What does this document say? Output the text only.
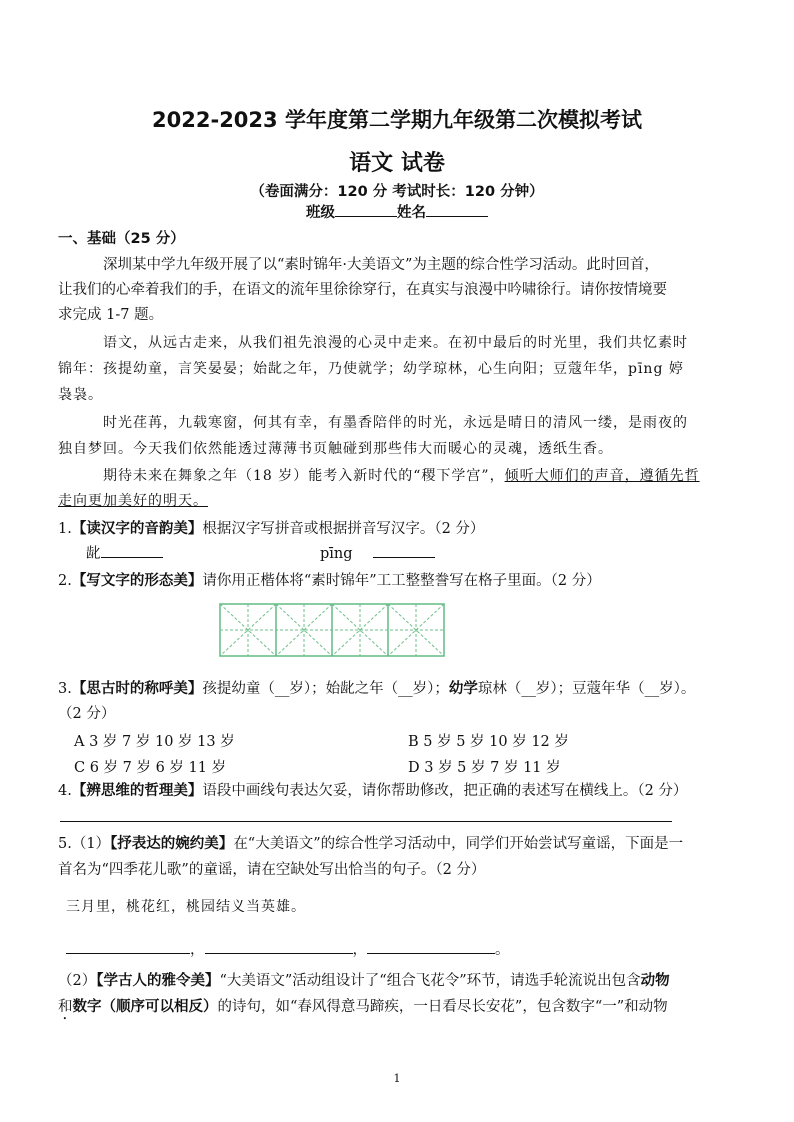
2022-2023 学年度第二学期九年级第二次模拟考试
语文 试卷
（卷面满分：120 分 考试时长：120 分钟）
班级	姓名
一、基础（25 分）
深圳某中学九年级开展了以“素时锦年·大美语文”为主题的综合性学习活动。此时回首，
让我们的心牵着我们的手，在语文的流年里徐徐穿行，在真实与浪漫中吟啸徐行。请你按情境要
求完成 1-7 题。
语文，从远古走来，从我们祖先浪漫的心灵中走来。在初中最后的时光里，我们共忆素时
锦年：孩提幼童，言笑晏晏；始龀之年，乃使就学；幼学琼林，心生向阳；豆蔻年华，pīng 婷
袅袅。
时光荏苒，九载寒窗，何其有幸，有墨香陪伴的时光，永远是晴日的清风一缕，是雨夜的
独自梦回。今天我们依然能透过薄薄书页触碰到那些伟大而暖心的灵魂，透纸生香。
期待未来在舞象之年（18 岁）能考入新时代的“稷下学宫”，倾听大师们的声音，遵循先哲
走向更加美好的明天。
1.【读汉字的音韵美】根据汉字写拼音或根据拼音写汉字。（2 分）
龀	pīng
2.【写文字的形态美】请你用正楷体将“素时锦年”工工整整誊写在格子里面。（2 分）
3.【思古时的称呼美】孩提幼童（__岁）；始龀之年（__岁）；幼学琼林（__岁）；豆蔻年华（__岁）。
（2 分）
A 3 岁 7 岁 10 岁 13 岁	B 5 岁 5 岁 10 岁 12 岁
C 6 岁 7 岁 6 岁 11 岁	D 3 岁 5 岁 7 岁 11 岁
4.【辨思维的哲理美】语段中画线句表达欠妥，请你帮助修改，把正确的表述写在横线上。（2 分）
5.（1）【抒表达的婉约美】在“大美语文”的综合性学习活动中，同学们开始尝试写童谣，下面是一
首名为“四季花儿歌”的童谣，请在空缺处写出恰当的句子。（2 分）
三月里，桃花红，桃园结义当英雄。
，	，	。
（2）【学古人的雅令美】“大美语文”活动组设计了“组合飞花令”环节，请选手轮流说出包含动物
和数字（顺序可以相反）的诗句，如“春风得意马蹄疾，一日看尽长安花”，包含数字“一”和动物
1
